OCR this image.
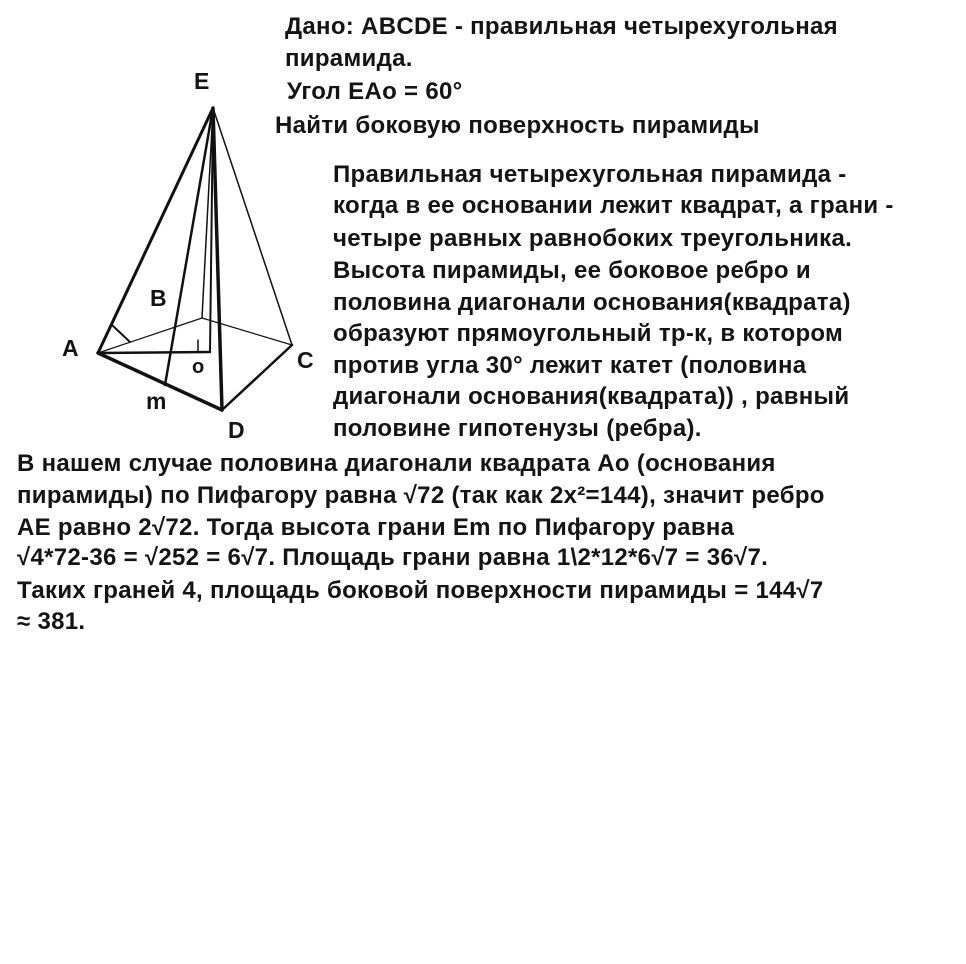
E
A
B
C
D
o
m
Дано: ABCDE - правильная четырехугольная
пирамида.
Угол EAo = 60°
Найти боковую поверхность пирамиды
Правильная четырехугольная пирамида -
когда в ее основании лежит квадрат, а грани -
четыре равных равнобоких треугольника.
Высота пирамиды, ее боковое ребро и
половина диагонали основания(квадрата)
образуют прямоугольный тр-к, в котором
против угла 30° лежит катет (половина
диагонали основания(квадрата)) , равный
половине гипотенузы (ребра).
В нашем случае половина диагонали квадрата Ао (основания
пирамиды) по Пифагору равна √72 (так как 2x²=144), значит ребро
АЕ равно 2√72. Тогда высота грани Em по Пифагору равна
√4*72-36 = √252 = 6√7. Площадь грани равна 1\2*12*6√7 = 36√7.
Таких граней 4, площадь боковой поверхности пирамиды = 144√7
≈ 381.
